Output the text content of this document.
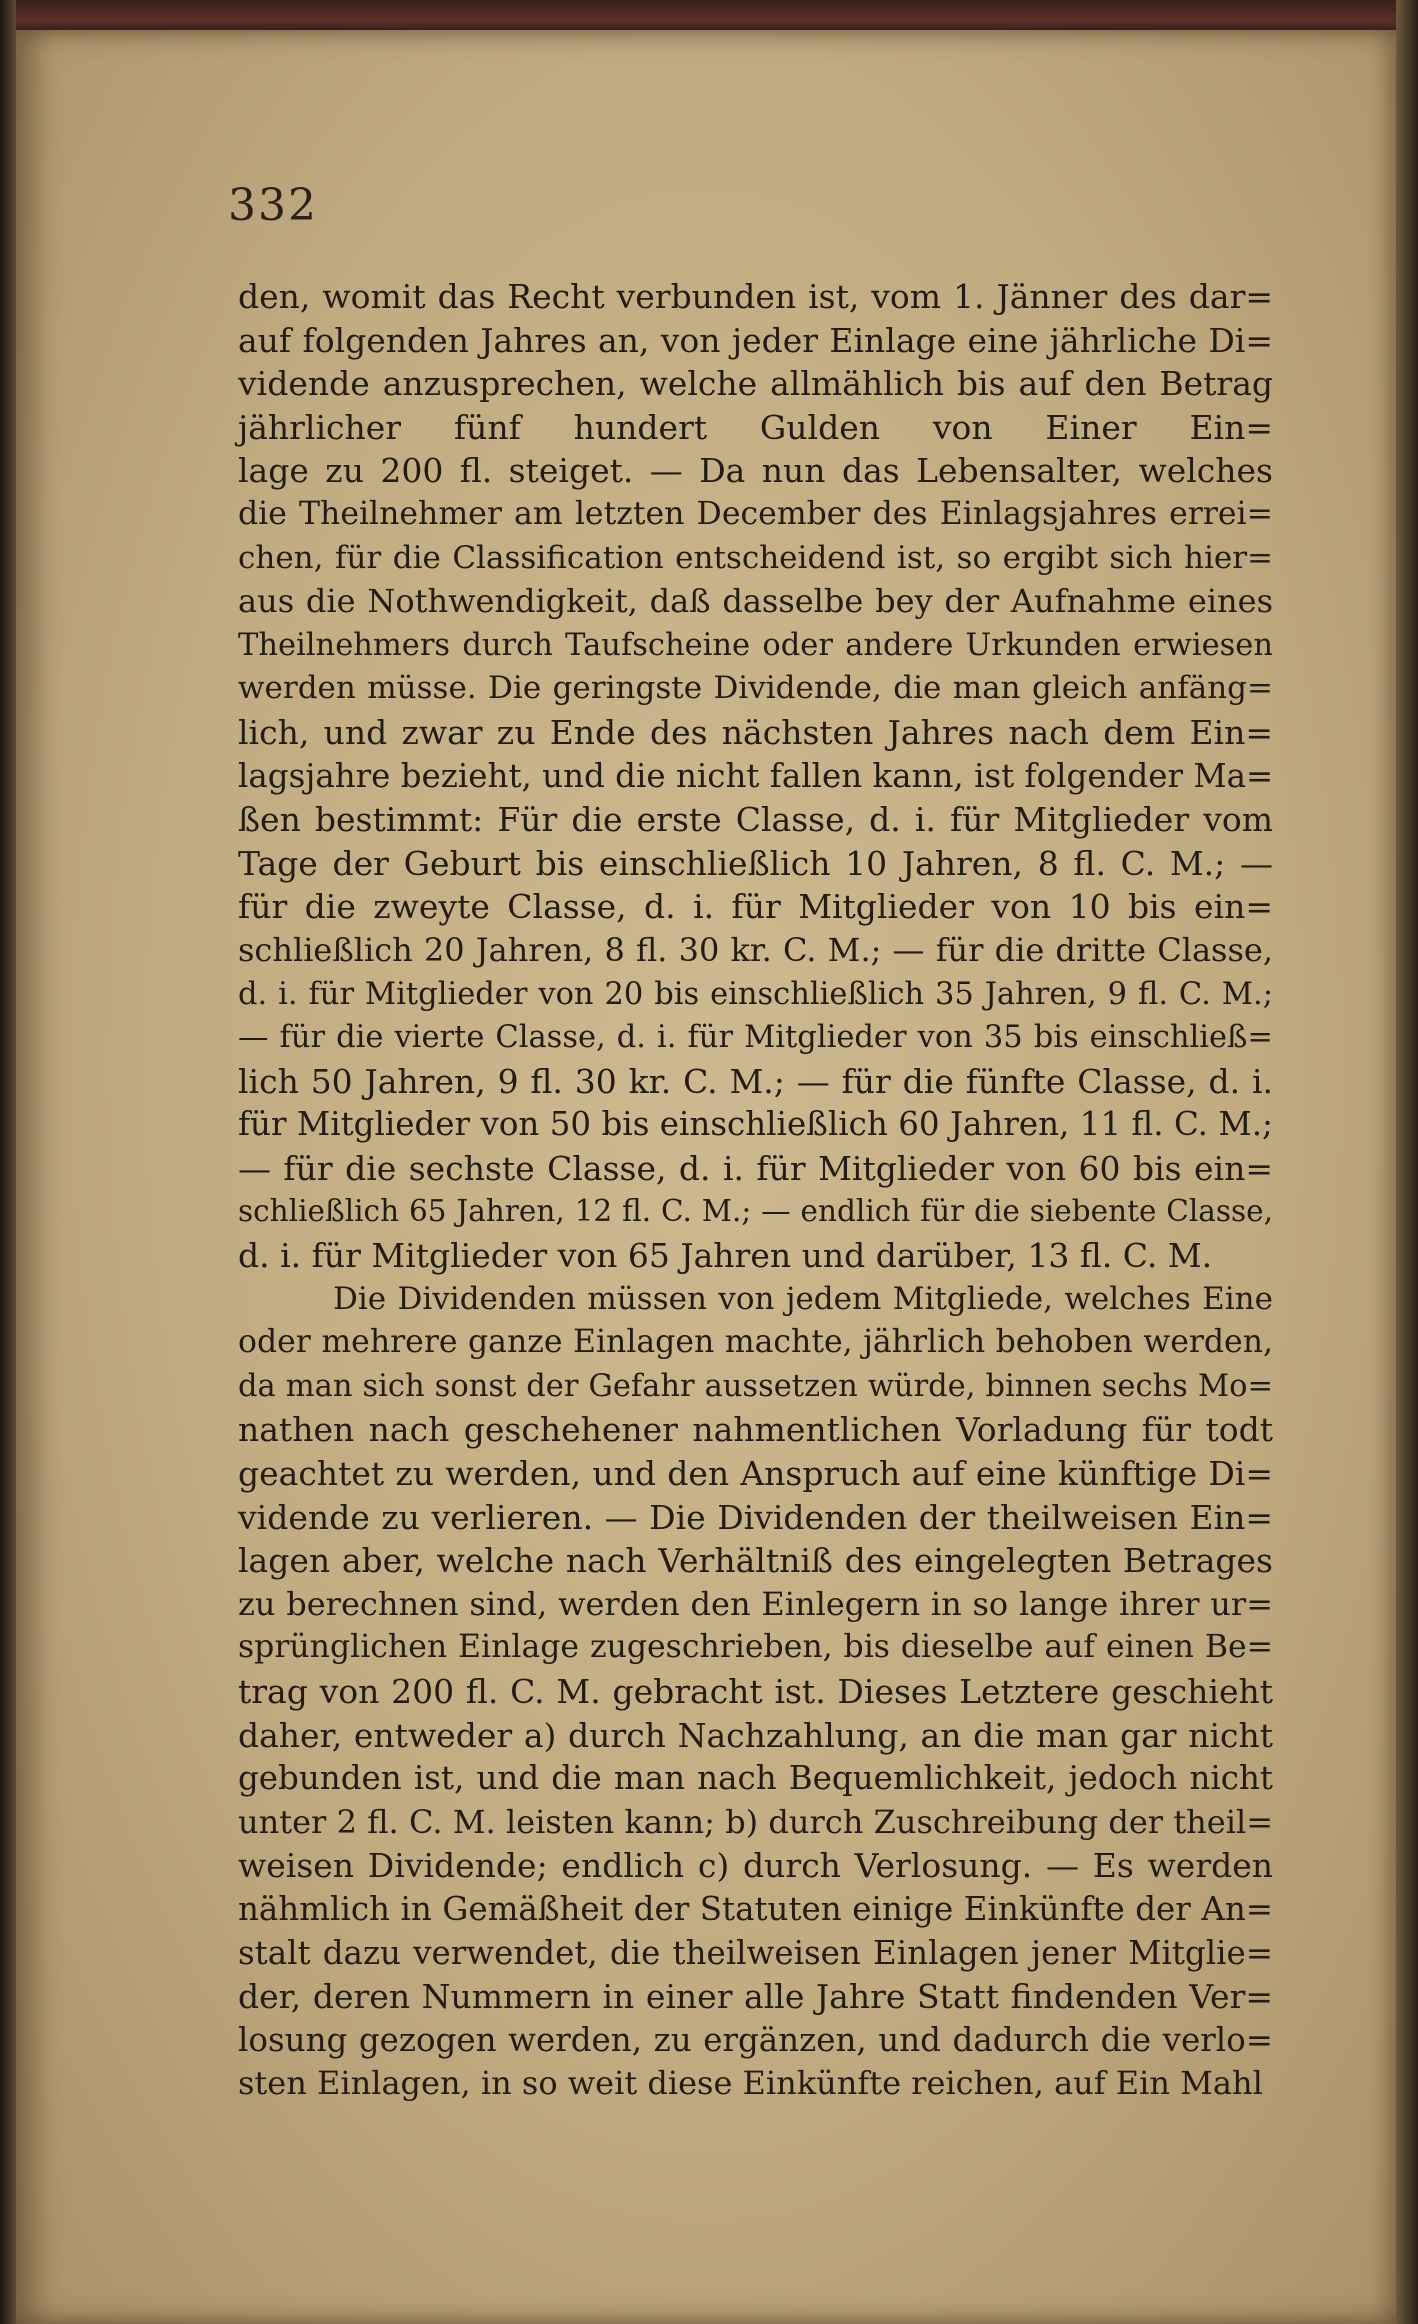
332
den, womit das Recht verbunden ist, vom 1. Jänner des dar=
auf folgenden Jahres an, von jeder Einlage eine jährliche Di=
vidende anzusprechen, welche allmählich bis auf den Betrag
jährlicher fünf hundert Gulden von Einer Ein=
lage zu 200 fl. steiget. — Da nun das Lebensalter, welches
die Theilnehmer am letzten December des Einlagsjahres errei=
chen, für die Classification entscheidend ist, so ergibt sich hier=
aus die Nothwendigkeit, daß dasselbe bey der Aufnahme eines
Theilnehmers durch Taufscheine oder andere Urkunden erwiesen
werden müsse. Die geringste Dividende, die man gleich anfäng=
lich, und zwar zu Ende des nächsten Jahres nach dem Ein=
lagsjahre bezieht, und die nicht fallen kann, ist folgender Ma=
ßen bestimmt: Für die erste Classe, d. i. für Mitglieder vom
Tage der Geburt bis einschließlich 10 Jahren, 8 fl. C. M.; —
für die zweyte Classe, d. i. für Mitglieder von 10 bis ein=
schließlich 20 Jahren, 8 fl. 30 kr. C. M.; — für die dritte Classe,
d. i. für Mitglieder von 20 bis einschließlich 35 Jahren, 9 fl. C. M.;
— für die vierte Classe, d. i. für Mitglieder von 35 bis einschließ=
lich 50 Jahren, 9 fl. 30 kr. C. M.; — für die fünfte Classe, d. i.
für Mitglieder von 50 bis einschließlich 60 Jahren, 11 fl. C. M.;
— für die sechste Classe, d. i. für Mitglieder von 60 bis ein=
schließlich 65 Jahren, 12 fl. C. M.; — endlich für die siebente Classe,
d. i. für Mitglieder von 65 Jahren und darüber, 13 fl. C. M.
Die Dividenden müssen von jedem Mitgliede, welches Eine
oder mehrere ganze Einlagen machte, jährlich behoben werden,
da man sich sonst der Gefahr aussetzen würde, binnen sechs Mo=
nathen nach geschehener nahmentlichen Vorladung für todt
geachtet zu werden, und den Anspruch auf eine künftige Di=
vidende zu verlieren. — Die Dividenden der theilweisen Ein=
lagen aber, welche nach Verhältniß des eingelegten Betrages
zu berechnen sind, werden den Einlegern in so lange ihrer ur=
sprünglichen Einlage zugeschrieben, bis dieselbe auf einen Be=
trag von 200 fl. C. M. gebracht ist. Dieses Letztere geschieht
daher, entweder a) durch Nachzahlung, an die man gar nicht
gebunden ist, und die man nach Bequemlichkeit, jedoch nicht
unter 2 fl. C. M. leisten kann; b) durch Zuschreibung der theil=
weisen Dividende; endlich c) durch Verlosung. — Es werden
nähmlich in Gemäßheit der Statuten einige Einkünfte der An=
stalt dazu verwendet, die theilweisen Einlagen jener Mitglie=
der, deren Nummern in einer alle Jahre Statt findenden Ver=
losung gezogen werden, zu ergänzen, und dadurch die verlo=
sten Einlagen, in so weit diese Einkünfte reichen, auf Ein Mahl
